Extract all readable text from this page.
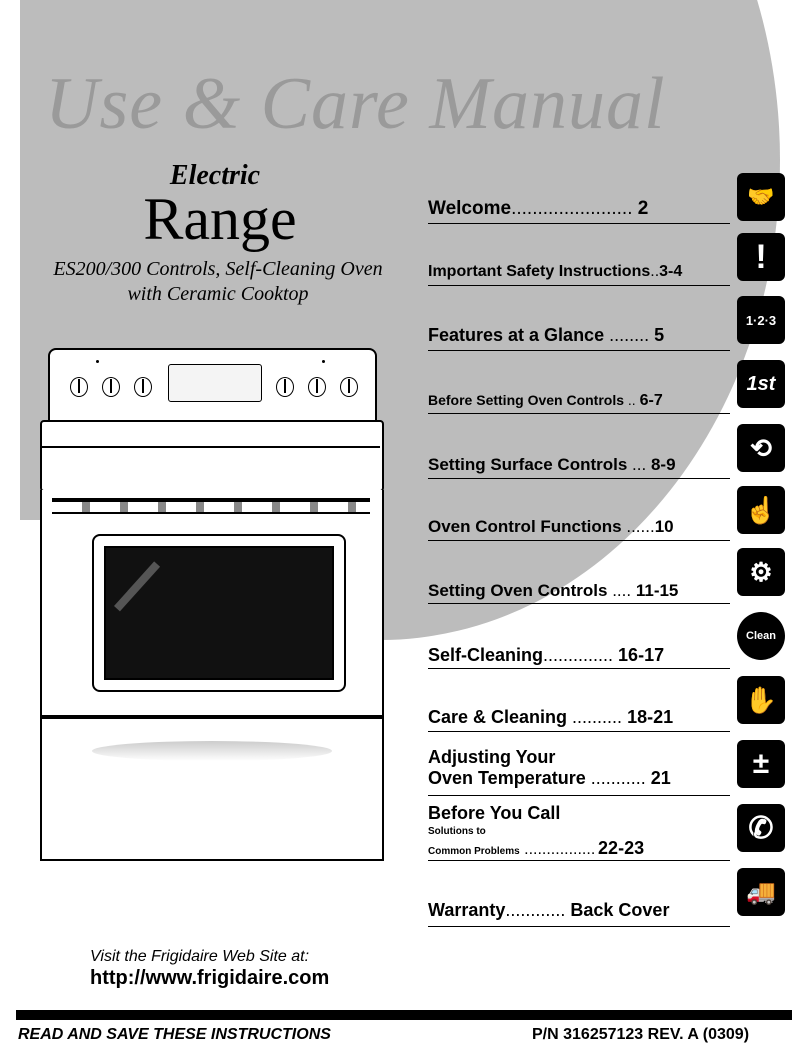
Use & Care Manual
Electric
Range
ES200/300 Controls, Self-Cleaning Oven
with Ceramic Cooktop
Welcome....................... 2	🤝
Important Safety Instructions..3-4	!
Features at a Glance ........ 5
1·2·3
Before Setting Oven Controls .. 6-7
1st
Setting Surface Controls ... 8-9
⟲
Oven Control Functions ......10
☝
Setting Oven Controls .... 11-15
⚙
Self-Cleaning.............. 16-17
Clean
Care & Cleaning .......... 18-21
✋
Adjusting Your
Oven Temperature ........... 21	±
Before You Call
Solutions to
Common Problems ................ 22-23
✆
Warranty............ Back Cover
🚚
Visit the Frigidaire Web Site at:
http://www.frigidaire.com
READ AND SAVE THESE INSTRUCTIONS	P/N 316257123 REV. A (0309)
